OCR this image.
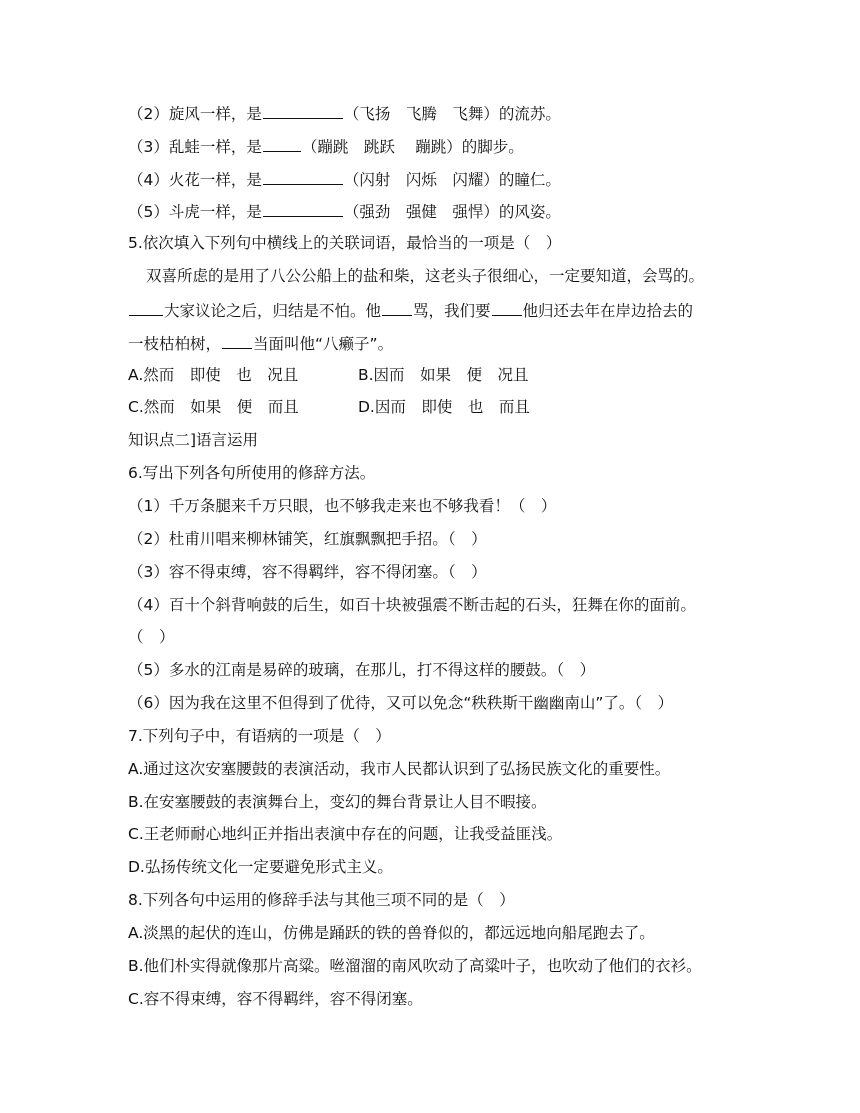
（2）旋风一样，是	（飞扬　飞腾　飞舞）的流苏。
（3）乱蛙一样，是	（蹦跳　跳跃　 蹦跳）的脚步。
（4）火花一样，是	（闪射　闪烁　闪耀）的瞳仁。
（5）斗虎一样，是	（强劲　强健　强悍）的风姿。
5.依次填入下列句中横线上的关联词语，最恰当的一项是（　）
双喜所虑的是用了八公公船上的盐和柴，这老头子很细心，一定要知道，会骂的。
大家议论之后，归结是不怕。他 骂，我们要 他归还去年在岸边拾去的
一枝枯柏树， 当面叫他“八癞子”。
A.然而　即使　也　况且	B.因而　如果　便　况且
C.然而　如果　便　而且	D.因而　即使　也　而且
知识点二]语言运用
6.写出下列各句所使用的修辞方法。
（1）千万条腿来千万只眼，也不够我走来也不够我看！（　）
（2）杜甫川唱来柳林铺笑，红旗飘飘把手招。（　）
（3）容不得束缚，容不得羁绊，容不得闭塞。（　）
（4）百十个斜背响鼓的后生，如百十块被强震不断击起的石头，狂舞在你的面前。
（　）
（5）多水的江南是易碎的玻璃，在那儿，打不得这样的腰鼓。（　）
（6）因为我在这里不但得到了优待，又可以免念“秩秩斯干幽幽南山”了。（　）
7.下列句子中，有语病的一项是（　）
A.通过这次安塞腰鼓的表演活动，我市人民都认识到了弘扬民族文化的重要性。
B.在安塞腰鼓的表演舞台上，变幻的舞台背景让人目不暇接。
C.王老师耐心地纠正并指出表演中存在的问题，让我受益匪浅。
D.弘扬传统文化一定要避免形式主义。
8.下列各句中运用的修辞手法与其他三项不同的是（　）
A.淡黑的起伏的连山，仿佛是踊跃的铁的兽脊似的，都远远地向船尾跑去了。
B.他们朴实得就像那片高粱。咝溜溜的南风吹动了高粱叶子，也吹动了他们的衣衫。
C.容不得束缚，容不得羁绊，容不得闭塞。
